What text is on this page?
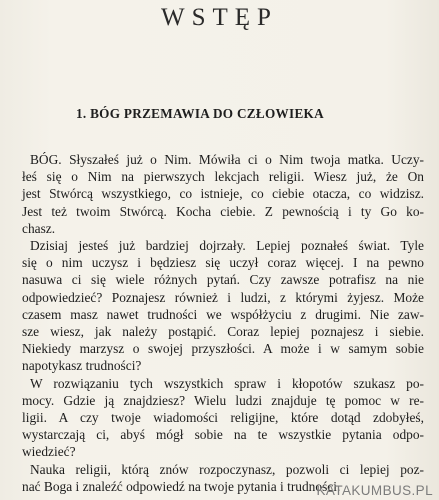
WSTĘP
1. BÓG PRZEMAWIA DO CZŁOWIEKA

BÓG. Słyszałeś już o Nim. Mówiła ci o Nim twoja matka. Uczy-
łeś się o Nim na pierwszych lekcjach religii. Wiesz już, że On
jest Stwórcą wszystkiego, co istnieje, co ciebie otacza, co widzisz.
Jest też twoim Stwórcą. Kocha ciebie. Z pewnością i ty Go ko-
chasz.

Dzisiaj jesteś już bardziej dojrzały. Lepiej poznałeś świat. Tyle
się o nim uczysz i będziesz się uczył coraz więcej. I na pewno
nasuwa ci się wiele różnych pytań. Czy zawsze potrafisz na nie
odpowiedzieć? Poznajesz również i ludzi, z którymi żyjesz. Może
czasem masz nawet trudności we współżyciu z drugimi. Nie zaw-
sze wiesz, jak należy postąpić. Coraz lepiej poznajesz i siebie.
Niekiedy marzysz o swojej przyszłości. A może i w samym sobie
napotykasz trudności?

W rozwiązaniu tych wszystkich spraw i kłopotów szukasz po-
mocy. Gdzie ją znajdziesz? Wielu ludzi znajduje tę pomoc w re-
ligii. A czy twoje wiadomości religijne, które dotąd zdobyłeś,
wystarczają ci, abyś mógł sobie na te wszystkie pytania odpo-
wiedzieć?

Nauka religii, którą znów rozpoczynasz, pozwoli ci lepiej poz-
nać Boga i znaleźć odpowiedź na twoje pytania i trudności.

KATAKUMBUS.PL
